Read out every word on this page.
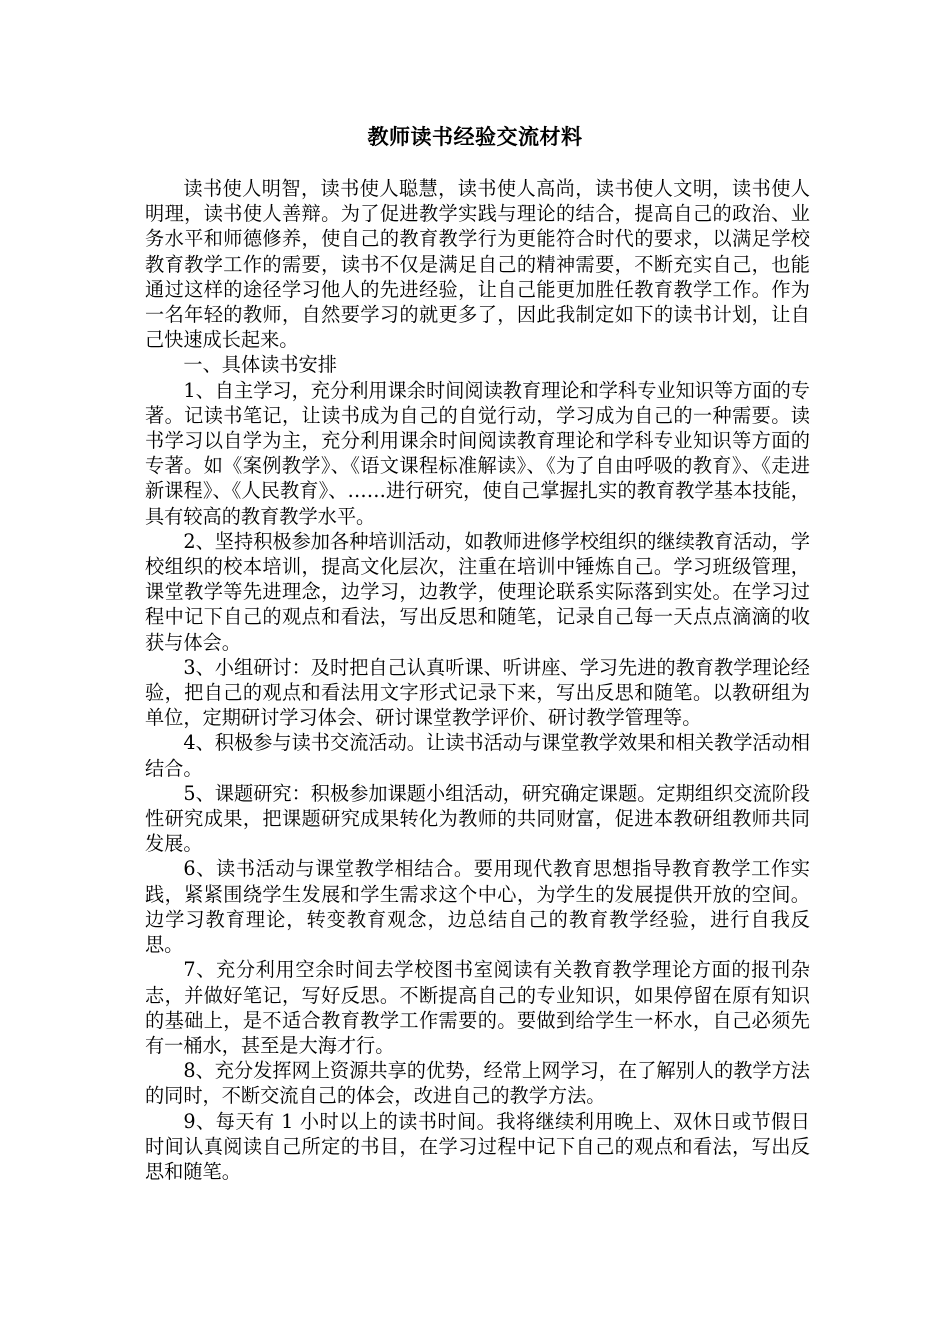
教师读书经验交流材料

读书使人明智，读书使人聪慧，读书使人高尚，读书使人文明，读书使人明理，读书使人善辩。为了促进教学实践与理论的结合，提高自己的政治、业务水平和师德修养，使自己的教育教学行为更能符合时代的要求，以满足学校教育教学工作的需要，读书不仅是满足自己的精神需要，不断充实自己，也能通过这样的途径学习他人的先进经验，让自己能更加胜任教育教学工作。作为一名年轻的教师，自然要学习的就更多了，因此我制定如下的读书计划，让自己快速成长起来。

一、具体读书安排

1、自主学习，充分利用课余时间阅读教育理论和学科专业知识等方面的专著。记读书笔记，让读书成为自己的自觉行动，学习成为自己的一种需要。读书学习以自学为主，充分利用课余时间阅读教育理论和学科专业知识等方面的专著。如《案例教学》、《语文课程标准解读》、《为了自由呼吸的教育》、《走进新课程》、《人民教育》、……进行研究，使自己掌握扎实的教育教学基本技能，具有较高的教育教学水平。

2、坚持积极参加各种培训活动，如教师进修学校组织的继续教育活动，学校组织的校本培训，提高文化层次，注重在培训中锤炼自己。学习班级管理，课堂教学等先进理念，边学习，边教学，使理论联系实际落到实处。在学习过程中记下自己的观点和看法，写出反思和随笔，记录自己每一天点点滴滴的收获与体会。

3、小组研讨：及时把自己认真听课、听讲座、学习先进的教育教学理论经验，把自己的观点和看法用文字形式记录下来，写出反思和随笔。以教研组为单位，定期研讨学习体会、研讨课堂教学评价、研讨教学管理等。

4、积极参与读书交流活动。让读书活动与课堂教学效果和相关教学活动相结合。

5、课题研究：积极参加课题小组活动，研究确定课题。定期组织交流阶段性研究成果，把课题研究成果转化为教师的共同财富，促进本教研组教师共同发展。

6、读书活动与课堂教学相结合。要用现代教育思想指导教育教学工作实践，紧紧围绕学生发展和学生需求这个中心，为学生的发展提供开放的空间。边学习教育理论，转变教育观念，边总结自己的教育教学经验，进行自我反思。

7、充分利用空余时间去学校图书室阅读有关教育教学理论方面的报刊杂志，并做好笔记，写好反思。不断提高自己的专业知识，如果停留在原有知识的基础上，是不适合教育教学工作需要的。要做到给学生一杯水，自己必须先有一桶水，甚至是大海才行。

8、充分发挥网上资源共享的优势，经常上网学习，在了解别人的教学方法的同时，不断交流自己的体会，改进自己的教学方法。

9、每天有 1 小时以上的读书时间。我将继续利用晚上、双休日或节假日时间认真阅读自己所定的书目，在学习过程中记下自己的观点和看法，写出反思和随笔。
